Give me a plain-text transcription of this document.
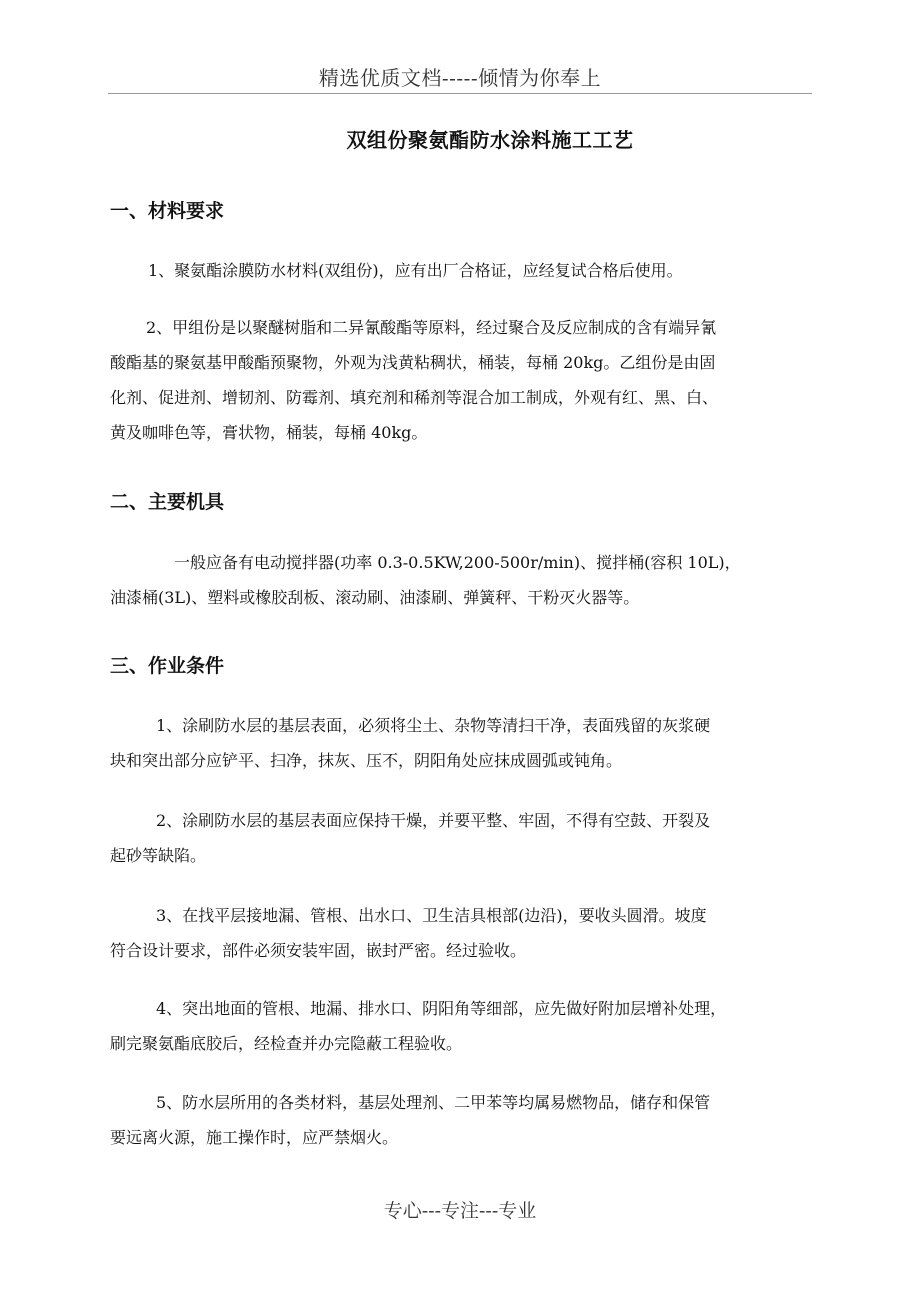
精选优质文档-----倾情为你奉上
双组份聚氨酯防水涂料施工工艺
一、材料要求
1、聚氨酯涂膜防水材料(双组份)，应有出厂合格证，应经复试合格后使用。
2、甲组份是以聚醚树脂和二异氰酸酯等原料，经过聚合及反应制成的含有端异氰
酸酯基的聚氨基甲酸酯预聚物，外观为浅黄粘稠状，桶装，每桶 20kg。乙组份是由固
化剂、促进剂、增韧剂、防霉剂、填充剂和稀剂等混合加工制成，外观有红、黑、白、
黄及咖啡色等，膏状物，桶装，每桶 40kg。
二、主要机具
一般应备有电动搅拌器(功率 0.3-0.5KW,200-500r/min)、搅拌桶(容积 10L)，
油漆桶(3L)、塑料或橡胶刮板、滚动刷、油漆刷、弹簧秤、干粉灭火器等。
三、作业条件
1、涂刷防水层的基层表面，必须将尘土、杂物等清扫干净，表面残留的灰浆硬
块和突出部分应铲平、扫净，抹灰、压不，阴阳角处应抹成圆弧或钝角。
2、涂刷防水层的基层表面应保持干燥，并要平整、牢固，不得有空鼓、开裂及
起砂等缺陷。
3、在找平层接地漏、管根、出水口、卫生洁具根部(边沿)，要收头圆滑。坡度
符合设计要求，部件必须安装牢固，嵌封严密。经过验收。
4、突出地面的管根、地漏、排水口、阴阳角等细部，应先做好附加层增补处理，
刷完聚氨酯底胶后，经检查并办完隐蔽工程验收。
5、防水层所用的各类材料，基层处理剂、二甲苯等均属易燃物品，储存和保管
要远离火源，施工操作时，应严禁烟火。
专心---专注---专业
